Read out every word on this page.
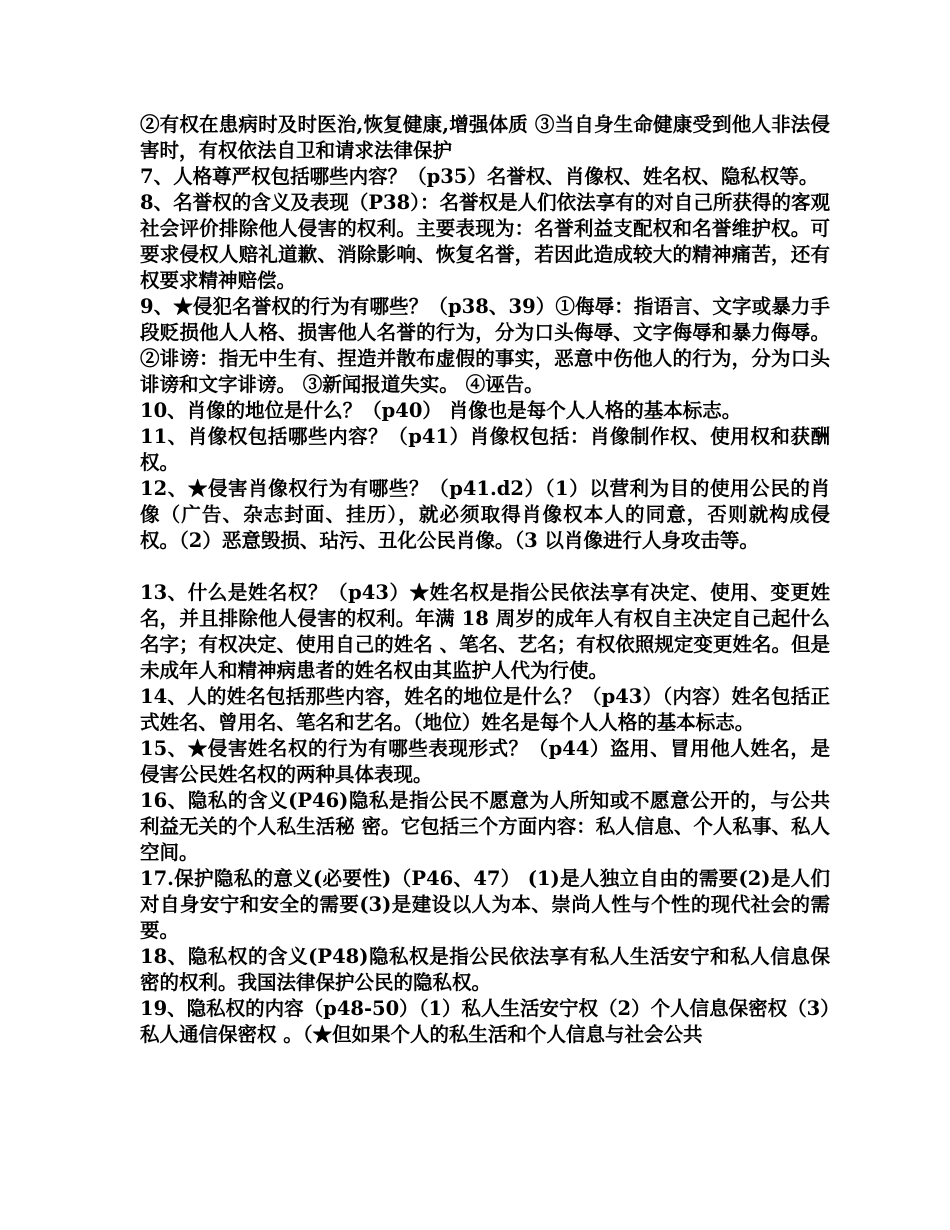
②有权在患病时及时医治,恢复健康,增强体质 ③当自身生命健康受到他人非法侵害时，有权依法自卫和请求法律保护

7、人格尊严权包括哪些内容？（p35）名誉权、肖像权、姓名权、隐私权等。

8、名誉权的含义及表现（P38）：名誉权是人们依法享有的对自己所获得的客观社会评价排除他人侵害的权利。主要表现为：名誉利益支配权和名誉维护权。可要求侵权人赔礼道歉、消除影响、恢复名誉，若因此造成较大的精神痛苦，还有权要求精神赔偿。

9、★侵犯名誉权的行为有哪些？（p38、39）①侮辱：指语言、文字或暴力手段贬损他人人格、损害他人名誉的行为，分为口头侮辱、文字侮辱和暴力侮辱。②诽谤：指无中生有、捏造并散布虚假的事实，恶意中伤他人的行为，分为口头诽谤和文字诽谤。 ③新闻报道失实。 ④诬告。

10、肖像的地位是什么？（p40） 肖像也是每个人人格的基本标志。

11、肖像权包括哪些内容？（p41）肖像权包括：肖像制作权、使用权和获酬权。

12、★侵害肖像权行为有哪些？（p41.d2）（1）以营利为目的使用公民的肖像（广告、杂志封面、挂历），就必须取得肖像权本人的同意，否则就构成侵权。（2）恶意毁损、玷污、丑化公民肖像。（3 以肖像进行人身攻击等。

13、什么是姓名权？（p43）★姓名权是指公民依法享有决定、使用、变更姓名，并且排除他人侵害的权利。年满 18 周岁的成年人有权自主决定自己起什么名字；有权决定、使用自己的姓名 、笔名、艺名；有权依照规定变更姓名。但是未成年人和精神病患者的姓名权由其监护人代为行使。

14、人的姓名包括那些内容，姓名的地位是什么？（p43）（内容）姓名包括正式姓名、曾用名、笔名和艺名。（地位）姓名是每个人人格的基本标志。

15、★侵害姓名权的行为有哪些表现形式？（p44）盗用、冒用他人姓名，是侵害公民姓名权的两种具体表现。

16、隐私的含义(P46)隐私是指公民不愿意为人所知或不愿意公开的，与公共利益无关的个人私生活秘 密。它包括三个方面内容：私人信息、个人私事、私人空间。

17.保护隐私的意义(必要性)（P46、47） (1)是人独立自由的需要(2)是人们对自身安宁和安全的需要(3)是建设以人为本、崇尚人性与个性的现代社会的需要。

18、隐私权的含义(P48)隐私权是指公民依法享有私人生活安宁和私人信息保密的权利。我国法律保护公民的隐私权。

19、隐私权的内容（p48-50）（1）私人生活安宁权（2）个人信息保密权（3）私人通信保密权 。（★但如果个人的私生活和个人信息与社会公共
